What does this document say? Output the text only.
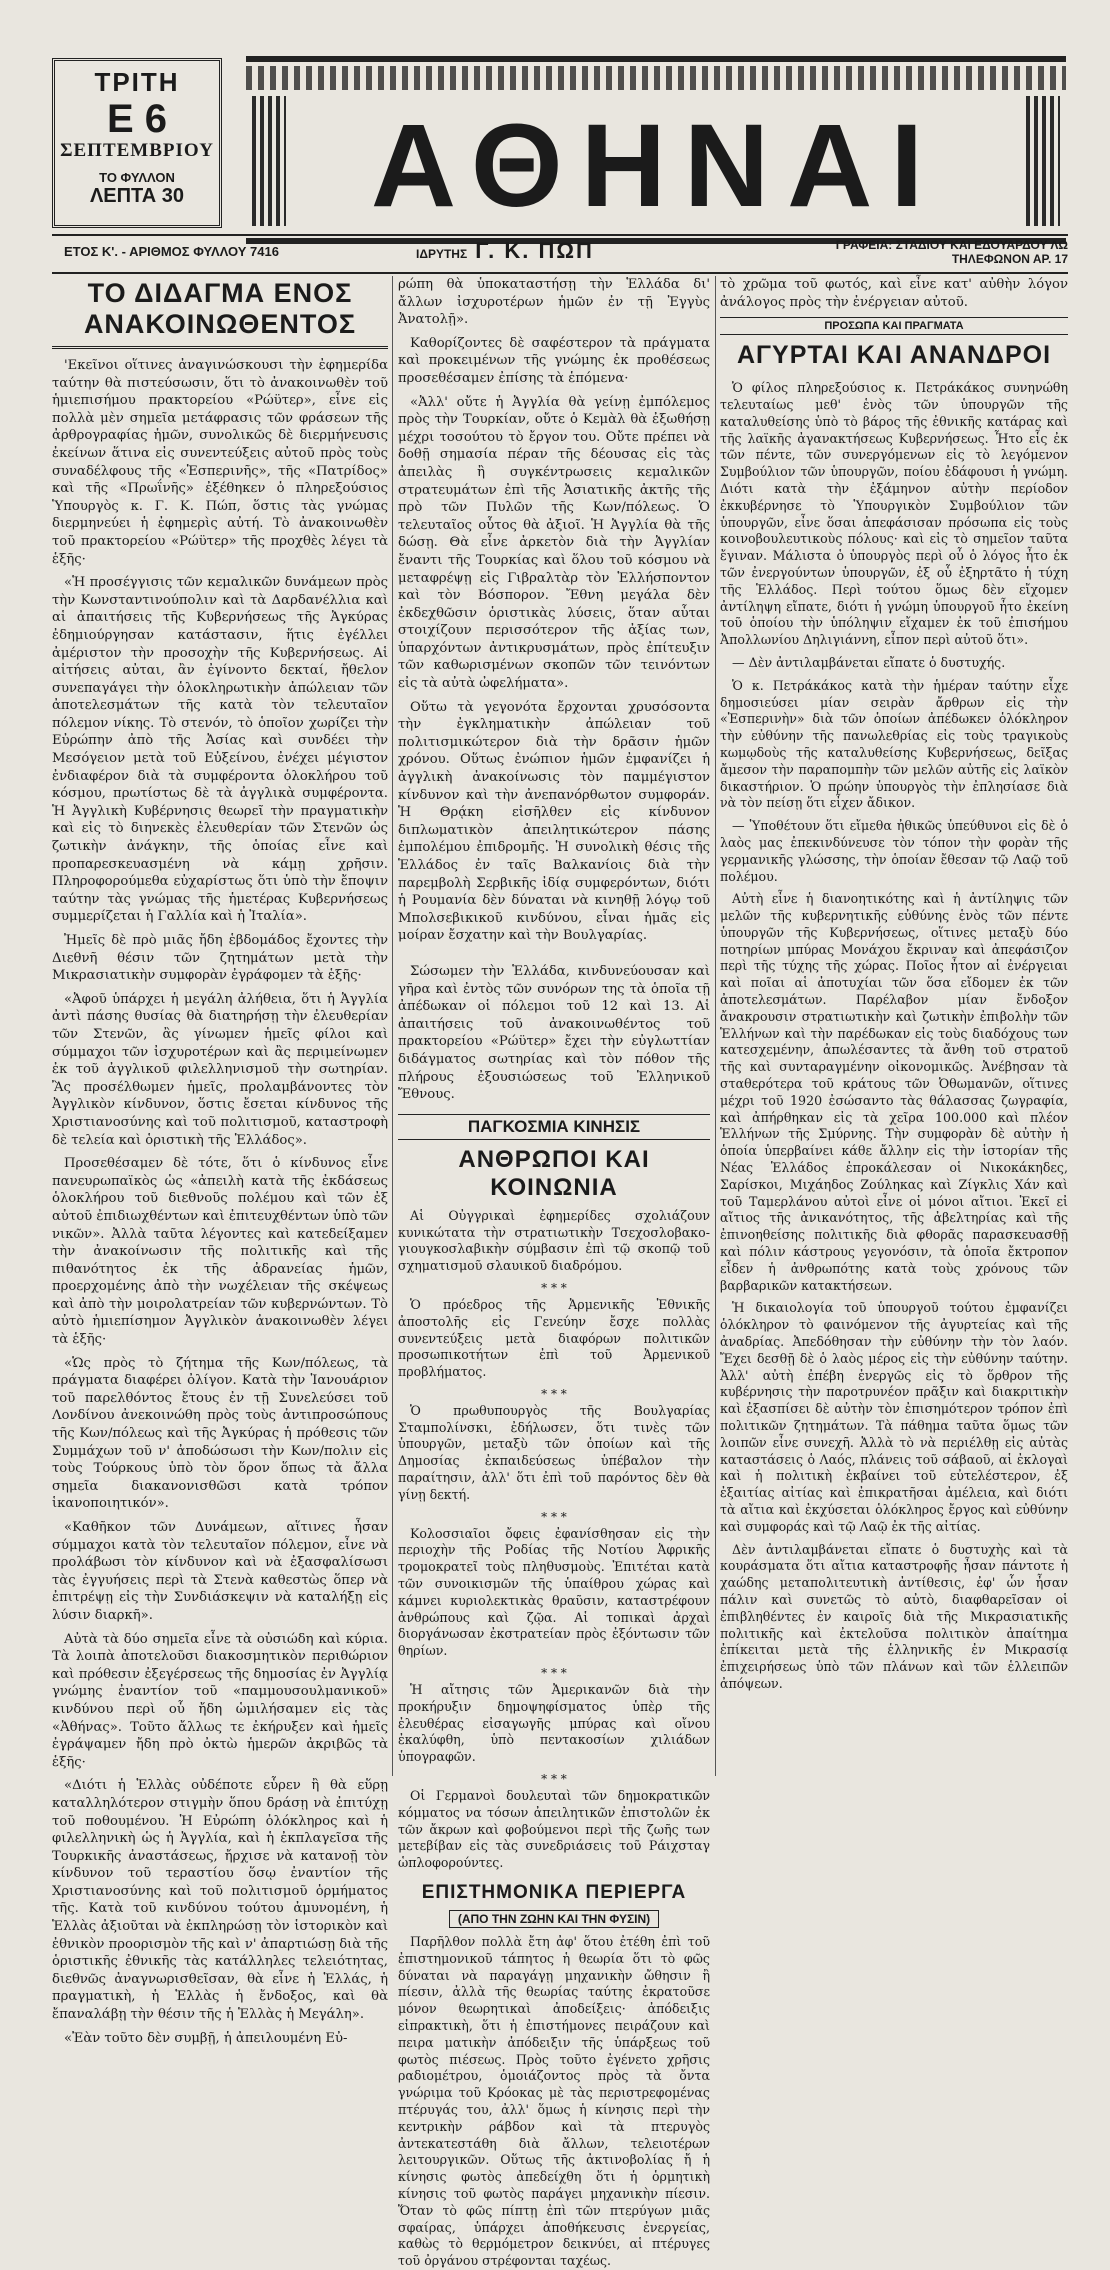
ΤΡΙΤΗ
Ε 6
ΣΕΠΤΕΜΒΡΙΟΥ
ΤΟ ΦΥΛΛΟΝ
ΛΕΠΤΑ 30	ΑΘΗΝΑΙ
ΕΤΟΣ Κ'. - ΑΡΙΘΜΟΣ ΦΥΛΛΟΥ 7416	ΙΔΡΥΤΗΣ Γ. Κ. ΠΩΠ	ΓΡΑΦΕΙΑ: ΣΤΑΔΙΟΥ ΚΑΙ ΕΔΟΥΑΡΔΟΥ ΛΩ
ΤΗΛΕΦΩΝΟΝ ΑΡ. 17
ΤΟ ΔΙΔΑΓΜΑ ΕΝΟΣ ΑΝΑΚΟΙΝΩΘΕΝΤΟΣ

'Εκεῖνοι οἵτινες ἀναγινώσκουσι τὴν ἐφημερίδα ταύτην θὰ πιστεύσωσιν, ὅτι τὸ ἀνακοινωθὲν τοῦ ἡμιεπισήμου πρακτορείου «Ρώϋτερ», εἶνε εἰς πολλὰ μὲν σημεῖα μετάφρασις τῶν φράσεων τῆς ἀρθρογραφίας ἡμῶν, συνολικῶς δὲ διερμήνευσις ἐκείνων ἅτινα εἰς συνεντεύξεις αὐτοῦ πρὸς τοὺς συναδέλφους τῆς «Ἑσπερινῆς», τῆς «Πατρίδος» καὶ τῆς «Πρωΐνῆς» ἐξέθηκεν ὁ πληρεξούσιος Ὑπουργὸς κ. Γ. Κ. Πώπ, ὅστις τὰς γνώμας διερμηνεύει ἡ ἐφημερὶς αὐτή. Τὸ ἀνακοινωθὲν τοῦ πρακτορείου «Ρώϋτερ» τῆς προχθὲς λέγει τὰ ἑξῆς·

«Ἡ προσέγγισις τῶν κεμαλικῶν δυνάμεων πρὸς τὴν Κωνσταντινούπολιν καὶ τὰ Δαρδανέλλια καὶ αἱ ἀπαιτήσεις τῆς Κυβερνήσεως τῆς Ἀγκύρας ἐδημιούργησαν κατάστασιν, ἥτις ἐγέλλει ἀμέριστον τὴν προσοχὴν τῆς Κυβερνήσεως. Αἱ αἰτήσεις αὐται, ἂν ἐγίνοντο δεκταί, ἤθελον συνεπαγάγει τὴν ὁλοκληρωτικὴν ἀπώλειαν τῶν ἀποτελεσμάτων τῆς κατὰ τὸν τελευταῖον πόλεμον νίκης. Τὸ στενόν, τὸ ὁποῖον χωρίζει τὴν Εὐρώπην ἀπὸ τῆς Ἀσίας καὶ συνδέει τὴν Μεσόγειον μετὰ τοῦ Εὐξείνου, ἐνέχει μέγιστον ἐνδιαφέρον διὰ τὰ συμφέροντα ὁλοκλήρου τοῦ κόσμου, πρωτίστως δὲ τὰ ἀγγλικὰ συμφέροντα. Ἡ Ἀγγλικὴ Κυβέρνησις θεωρεῖ τὴν πραγματικὴν καὶ εἰς τὸ διηνεκὲς ἐλευθερίαν τῶν Στενῶν ὡς ζωτικὴν ἀνάγκην, τῆς ὁποίας εἶνε καὶ προπαρεσκευασμένη νὰ κάμῃ χρῆσιν. Πληροφορούμεθα εὐχαρίστως ὅτι ὑπὸ τὴν ἔποψιν ταύτην τὰς γνώμας τῆς ἡμετέρας Κυβερνήσεως συμμερίζεται ἡ Γαλλία καὶ ἡ Ἰταλία».

Ἠμεῖς δὲ πρὸ μιᾶς ἤδη ἑβδομάδος ἔχοντες τὴν Διεθνῆ θέσιν τῶν ζητημάτων μετὰ τὴν Μικρασιατικὴν συμφορὰν ἐγράφομεν τὰ ἑξῆς·

«Ἀφοῦ ὑπάρχει ἡ μεγάλη ἀλήθεια, ὅτι ἡ Ἀγγλία ἀντὶ πάσης θυσίας θὰ διατηρήσῃ τὴν ἐλευθερίαν τῶν Στενῶν, ἂς γίνωμεν ἡμεῖς φίλοι καὶ σύμμαχοι τῶν ἰσχυροτέρων καὶ ἂς περιμείνωμεν ἐκ τοῦ ἀγγλικοῦ φιλελληνισμοῦ τὴν σωτηρίαν. Ἂς προσέλθωμεν ἡμεῖς, προλαμβάνοντες τὸν Ἀγγλικὸν κίνδυνον, ὅστις ἔσεται κίνδυνος τῆς Χριστιανοσύνης καὶ τοῦ πολιτισμοῦ, καταστροφὴ δὲ τελεία καὶ ὁριστικὴ τῆς Ἑλλάδος».

Προσεθέσαμεν δὲ τότε, ὅτι ὁ κίνδυνος εἶνε πανευρωπαϊκὸς ὡς «ἀπειλὴ κατὰ τῆς ἐκδάσεως ὁλοκλήρου τοῦ διεθνοῦς πολέμου καὶ τῶν ἐξ αὐτοῦ ἐπιδιωχθέντων καὶ ἐπιτευχθέντων ὑπὸ τῶν νικῶν». Ἀλλὰ ταῦτα λέγοντες καὶ κατεδείξαμεν τὴν ἀνακοίνωσιν τῆς πολιτικῆς καὶ τῆς πιθανότητος ἐκ τῆς ἀδρανείας ἡμῶν, προερχομένης ἀπὸ τὴν νωχέλειαν τῆς σκέψεως καὶ ἀπὸ τὴν μοιρολατρείαν τῶν κυβερνώντων. Τὸ αὐτὸ ἡμιεπίσημον Ἀγγλικὸν ἀνακοινωθὲν λέγει τὰ ἑξῆς·

«Ὡς πρὸς τὸ ζήτημα τῆς Κων/πόλεως, τὰ πράγματα διαφέρει ὀλίγον. Κατὰ τὴν Ἰανουάριον τοῦ παρελθόντος ἔτους ἐν τῇ Συνελεύσει τοῦ Λονδίνου ἀνεκοινώθη πρὸς τοὺς ἀντιπροσώπους τῆς Κων/πόλεως καὶ τῆς Ἀγκύρας ἡ πρόθεσις τῶν Συμμάχων τοῦ ν' ἀποδώσωσι τὴν Κων/πολιν εἰς τοὺς Τούρκους ὑπὸ τὸν ὅρον ὅπως τὰ ἄλλα σημεῖα διακανονισθῶσι κατὰ τρόπον ἱκανοποιητικόν».

«Καθῆκον τῶν Δυνάμεων, αἵτινες ἦσαν σύμμαχοι κατὰ τὸν τελευταῖον πόλεμον, εἶνε νὰ προλάβωσι τὸν κίνδυνον καὶ νὰ ἐξασφαλίσωσι τὰς ἐγγυήσεις περὶ τὰ Στενὰ καθεστὼς ὅπερ νὰ ἐπιτρέψῃ εἰς τὴν Συνδιάσκεψιν νὰ καταλήξῃ εἰς λύσιν διαρκῆ».

Αὐτὰ τὰ δύο σημεῖα εἶνε τὰ οὐσιώδη καὶ κύρια. Τὰ λοιπὰ ἀποτελοῦσι διακοσμητικὸν περιθώριον καὶ πρόθεσιν ἐξεγέρσεως τῆς δημοσίας ἐν Ἀγγλίᾳ γνώμης ἐναντίον τοῦ «παμμουσουλμανικοῦ» κινδύνου περὶ οὗ ἤδη ὡμιλήσαμεν εἰς τὰς «Ἀθήνας». Τοῦτο ἄλλως τε ἐκήρυξεν καὶ ἡμεῖς ἐγράψαμεν ἤδη πρὸ ὀκτὼ ἡμερῶν ἀκριβῶς τὰ ἑξῆς·

«Διότι ἡ Ἑλλὰς οὐδέποτε εὗρεν ἢ θὰ εὕρῃ καταλληλότερον στιγμὴν ὅπου δράσῃ νὰ ἐπιτύχῃ τοῦ ποθουμένου. Ἡ Εὐρώπη ὁλόκληρος καὶ ἡ φιλελληνικὴ ὡς ἡ Ἀγγλία, καὶ ἡ ἐκπλαγεῖσα τῆς Τουρκικῆς ἀναστάσεως, ἤρχισε νὰ κατανοῇ τὸν κίνδυνον τοῦ τεραστίου ὅσῳ ἐναντίον τῆς Χριστιανοσύνης καὶ τοῦ πολιτισμοῦ ὁρμήματος τῆς. Κατὰ τοῦ κινδύνου τούτου ἀμυνομένη, ἡ Ἑλλὰς ἀξιοῦται νὰ ἐκπληρώσῃ τὸν ἱστορικὸν καὶ ἐθνικὸν προορισμὸν τῆς καὶ ν' ἀπαρτιώσῃ διὰ τῆς ὁριστικῆς ἐθνικῆς τὰς κατάλληλες τελειότητας, διεθνῶς ἀναγνωρισθεῖσαν, θὰ εἶνε ἡ Ἑλλάς, ἡ πραγματικὴ, ἡ Ἑλλὰς ἡ ἔνδοξος, καὶ θὰ ἔπαναλάβῃ τὴν θέσιν τῆς ἡ Ἑλλὰς ἡ Μεγάλη».

«Ἐὰν τοῦτο δὲν συμβῇ, ἡ ἀπειλουμένη Εὐ-

ρώπη θὰ ὑποκαταστήσῃ τὴν Ἑλλάδα δι' ἄλλων ἰσχυροτέρων ἡμῶν ἐν τῇ Ἐγγὺς Ἀνατολῇ».

Καθορίζοντες δὲ σαφέστερον τὰ πράγματα καὶ προκειμένων τῆς γνώμης ἐκ προθέσεως προσεθέσαμεν ἐπίσης τὰ ἑπόμενα·

«Ἀλλ' οὔτε ἡ Ἀγγλία θὰ γείνῃ ἐμπόλεμος πρὸς τὴν Τουρκίαν, οὔτε ὁ Κεμὰλ θὰ ἐξωθήσῃ μέχρι τοσούτου τὸ ἔργον του. Οὔτε πρέπει νὰ δοθῇ σημασία πέραν τῆς δέουσας εἰς τὰς ἀπειλὰς ἢ συγκέντρωσεις κεμαλικῶν στρατευμάτων ἐπὶ τῆς Ἀσιατικῆς ἀκτῆς τῆς πρὸ τῶν Πυλῶν τῆς Κων/πόλεως. Ὁ τελευταῖος οὗτος θὰ ἀξιοῖ. Ἡ Ἀγγλία θὰ τῆς δώσῃ. Θὰ εἶνε ἀρκετὸν διὰ τὴν Ἀγγλίαν ἔναντι τῆς Τουρκίας καὶ ὅλου τοῦ κόσμου νὰ μεταφρέψῃ εἰς Γιβραλτὰρ τὸν Ἑλλήσποντον καὶ τὸν Βόσπορον. Ἔθνη μεγάλα δὲν ἐκδεχθῶσιν ὁριστικὰς λύσεις, ὅταν αὗται στοιχίζουν περισσότερον τῆς ἀξίας των, ὑπαρχόντων ἀντικρυσμάτων, πρὸς ἐπίτευξιν τῶν καθωρισμένων σκοπῶν τῶν τεινόντων εἰς τὰ αὐτὰ ὠφελήματα».

Οὕτω τὰ γεγονότα ἔρχονται χρυσόσοντα τὴν ἐγκληματικὴν ἀπώλειαν τοῦ πολιτισμικώτερον διὰ τὴν δρᾶσιν ἡμῶν χρόνου. Οὕτως ἐνώπιον ἡμῶν ἐμφανίζει ἡ ἀγγλικὴ ἀνακοίνωσις τὸν παμμέγιστον κίνδυνον καὶ τὴν ἀνεπανόρθωτον συμφοράν. Ἡ Θρᾴκη εἰσῆλθεν εἰς κίνδυνον διπλωματικὸν ἀπειλητικώτερον πάσης ἐμπολέμου ἐπιδρομῆς. Ἡ συνολικὴ θέσις τῆς Ἑλλάδος ἐν ταῖς Βαλκανίοις διὰ τὴν παρεμβολὴ Σερβικῆς ἰδίᾳ συμφερόντων, διότι ἡ Ρουμανία δὲν δύναται νὰ κινηθῇ λόγῳ τοῦ Μπολσεβικικοῦ κινδύνου, εἶναι ἡμᾶς εἰς μοίραν ἔσχατην καὶ τὴν Βουλγαρίας.

Σώσωμεν τὴν Ἑλλάδα, κινδυνεύουσαν καὶ γῆρα καὶ ἐντὸς τῶν συνόρων της τὰ ὁποῖα τῇ ἀπέδωκαν οἱ πόλεμοι τοῦ 12 καὶ 13. Αἱ ἀπαιτήσεις τοῦ ἀνακοινωθέντος τοῦ πρακτορείου «Ρώϋτερ» ἔχει τὴν εὐγλωττίαν διδάγματος σωτηρίας καὶ τὸν πόθον τῆς πλήρους ἐξουσιώσεως τοῦ Ἑλληνικοῦ Ἔθνους.

ΠΑΓΚΟΣΜΙΑ ΚΙΝΗΣΙΣ
ΑΝΘΡΩΠΟΙ ΚΑΙ ΚΟΙΝΩΝΙΑ

Αἱ Οὐγγρικαὶ ἐφημερίδες σχολιάζουν κυνικώτατα τὴν στρατιωτικὴν Τσεχοσλοβακο-γιουγκοσλαβικὴν σύμβασιν ἐπὶ τῷ σκοπῷ τοῦ σχηματισμοῦ σλαυικοῦ διαδρόμου.

* * *

Ὁ πρόεδρος τῆς Ἀρμενικῆς Ἐθνικῆς ἀποστολῆς εἰς Γενεύην ἔσχε πολλὰς συνεντεύξεις μετὰ διαφόρων πολιτικῶν προσωπικοτήτων ἐπὶ τοῦ Ἀρμενικοῦ προβλήματος.

* * *

Ὁ πρωθυπουργὸς τῆς Βουλγαρίας Σταμπολίνσκι, ἐδήλωσεν, ὅτι τινὲς τῶν ὑπουργῶν, μεταξὺ τῶν ὁποίων καὶ τῆς Δημοσίας ἐκπαιδεύσεως ὑπέβαλον τὴν παραίτησιν, ἀλλ' ὅτι ἐπὶ τοῦ παρόντος δὲν θὰ γίνῃ δεκτή.

* * *

Κολοσσιαῖοι ὄφεις ἐφανίσθησαν εἰς τὴν περιοχὴν τῆς Ροδίας τῆς Νοτίου Ἀφρικῆς τρομοκρατεῖ τοὺς πληθυσμοὺς. Ἐπιτέται κατὰ τῶν συνοικισμῶν τῆς ὑπαίθρου χώρας καὶ κάμνει κυριολεκτικὰς θραῦσιν, καταστρέφουν ἀνθρώπους καὶ ζῷα. Αἱ τοπικαὶ ἀρχαὶ διοργάνωσαν ἐκστρατείαν πρὸς ἐξόντωσιν τῶν θηρίων.

* * *

Ἡ αἴτησις τῶν Ἀμερικανῶν διὰ τὴν προκήρυξιν δημοψηφίσματος ὑπὲρ τῆς ἐλευθέρας εἰσαγωγῆς μπύρας καὶ οἴνου ἐκαλύφθη, ὑπὸ πεντακοσίων χιλιάδων ὑπογραφῶν.

* * *

Οἱ Γερμανοὶ δουλευταὶ τῶν δημοκρατικῶν κόμματος να τόσων ἀπειλητικῶν ἐπιστολῶν ἐκ τῶν ἄκρων καὶ φοβούμενοι περὶ τῆς ζωῆς των μετεβίβαν εἰς τὰς συνεδριάσεις τοῦ Ράιχσταγ ὡπλοφορούντες.

ΕΠΙΣΤΗΜΟΝΙΚΑ ΠΕΡΙΕΡΓΑ
(ΑΠΟ ΤΗΝ ΖΩΗΝ ΚΑΙ ΤΗΝ ΦΥΣΙΝ)

Παρῆλθον πολλὰ ἔτη ἀφ' ὅτου ἐτέθη ἐπὶ τοῦ ἐπιστημονικοῦ τάπητος ἡ θεωρία ὅτι τὸ φῶς δύναται νὰ παραγάγῃ μηχανικὴν ὤθησιν ἢ πίεσιν, ἀλλὰ τῆς θεωρίας ταύτης ἐκρατοῦσε μόνον θεωρητικαὶ ἀποδείξεις· ἀπόδειξις εἰπρακτικὴ, ὅτι ἡ ἐπιστήμονες πειράζουν καὶ πειρα ματικὴν ἀπόδειξιν τῆς ὑπάρξεως τοῦ φωτὸς πιέσεως. Πρὸς τοῦτο ἐγένετο χρῆσις ραδιομέτρου, ὁμοιάζοντος πρὸς τὰ ὄντα γνώριμα τοῦ Κρόοκας μὲ τὰς περιστρεφομένας πτέρυγάς του, ἀλλ' ὅμως ἡ κίνησις περὶ τὴν κεντρικὴν ράβδον καὶ τὰ πτερυγὸς ἀντεκατεστάθη διὰ ἄλλων, τελειοτέρων λειτουργικῶν. Οὕτως τῆς ἀκτινοβολίας ἤ ἡ κίνησις φωτὸς ἀπεδείχθη ὅτι ἡ ὁρμητικὴ κίνησις τοῦ φωτὸς παράγει μηχανικὴν πίεσιν. Ὅταν τὸ φῶς πίπτῃ ἐπὶ τῶν πτερύγων μιᾶς σφαίρας, ὑπάρχει ἀποθήκευσις ἐνεργείας, καθὼς τὸ θερμόμετρον δεικνύει, αἱ πτέρυγες τοῦ ὀργάνου στρέφονται ταχέως.

τὸ χρῶμα τοῦ φωτός, καὶ εἶνε κατ' αὐθὴν λόγον ἀνάλογος πρὸς τὴν ἐνέργειαν αὐτοῦ.

ΠΡΟΣΩΠΑ ΚΑΙ ΠΡΑΓΜΑΤΑ
ΑΓΥΡΤΑΙ ΚΑΙ ΑΝΑΝΔΡΟΙ

Ὁ φίλος πληρεξούσιος κ. Πετράκάκος συνηνώθη τελευταίως μεθ' ἑνὸς τῶν ὑπουργῶν τῆς καταλυθείσης ὑπὸ τὸ βάρος τῆς ἐθνικῆς κατάρας καὶ τῆς λαϊκῆς ἀγανακτήσεως Κυβερνήσεως. Ἦτο εἷς ἐκ τῶν πέντε, τῶν συνεργόμενων εἰς τὸ λεγόμενον Συμβούλιον τῶν ὑπουργῶν, ποίου ἐδάφουσι ἡ γνώμη. Διότι κατὰ τὴν ἐξάμηνον αὐτὴν περίοδον ἐκκυβέρνησε τὸ Ὑπουργικὸν Συμβούλιον τῶν ὑπουργῶν, εἶνε ὅσαι ἀπεφάσισαν πρόσωπα εἰς τοὺς κοινοβουλευτικοὺς πόλους· καὶ εἰς τὸ σημεῖον ταῦτα ἔγιναν. Μάλιστα ὁ ὑπουργὸς περὶ οὗ ὁ λόγος ἦτο ἐκ τῶν ἐνεργούντων ὑπουργῶν, ἐξ οὗ ἐξηρτᾶτο ἡ τύχη τῆς Ἑλλάδος. Περὶ τούτου ὅμως δὲν εἴχομεν ἀντίληψη εἴπατε, διότι ἡ γνώμη ὑπουργοῦ ἦτο ἐκείνη τοῦ ὁποίου τὴν ὑπόληψιν εἴχαμεν ἐκ τοῦ ἐπισήμου Ἀπολλωνίου Δηλιγιάννη, εἶπον περὶ αὐτοῦ ὅτι».

— Δὲν ἀντιλαμβάνεται εἴπατε ὁ δυστυχής.

Ὁ κ. Πετράκάκος κατὰ τὴν ἡμέραν ταύτην εἶχε δημοσιεύσει μίαν σειρὰν ἄρθρων εἰς τὴν «Ἑσπερινὴν» διὰ τῶν ὁποίων ἀπέδωκεν ὁλόκληρον τὴν εὐθύνην τῆς πανωλεθρίας εἰς τοὺς τραγικοὺς κωμῳδοὺς τῆς καταλυθείσης Κυβερνήσεως, δεῖξας ἄμεσον τὴν παραπομπὴν τῶν μελῶν αὐτῆς εἰς λαϊκὸν δικαστήριον. Ὁ πρώην ὑπουργὸς τὴν ἐπλησίασε διὰ νὰ τὸν πείσῃ ὅτι εἶχεν ἄδικον.

— Ὑποθέτουν ὅτι εἴμεθα ἠθικῶς ὑπεύθυνοι εἰς δὲ ὁ λαὸς μας ἐπεκινδύνευσε τὸν τόπον τὴν φορὰν τῆς γερμανικῆς γλώσσης, τὴν ὁποίαν ἔθεσαν τῷ Λαῷ τοῦ πολέμου.

Αὐτὴ εἶνε ἡ διανοητικότης καὶ ἡ ἀντίληψις τῶν μελῶν τῆς κυβερνητικῆς εὐθύνης ἑνὸς τῶν πέντε ὑπουργῶν τῆς Κυβερνήσεως, οἵτινες μεταξὺ δύο ποτηρίων μπύρας Μονάχου ἔκριναν καὶ ἀπεφάσιζον περὶ τῆς τύχης τῆς χώρας. Ποῖος ἦτον αἱ ἐνέργειαι καὶ ποῖαι αἱ ἀποτυχίαι τῶν ὅσα εἴδομεν ἐκ τῶν ἀποτελεσμάτων. Παρέλαβον μίαν ἔνδοξον ἄνακρουσιν στρατιωτικὴν καὶ ζωτικὴν ἐπιβολὴν τῶν Ἑλλήνων καὶ τὴν παρέδωκαν εἰς τοὺς διαδόχους των κατεσχεμένην, ἀπωλέσαντες τὰ ἄνθη τοῦ στρατοῦ τῆς καὶ συνταραγμένην οἰκονομικῶς. Ἀνέβησαν τὰ σταθερότερα τοῦ κράτους τῶν Ὀθωμανῶν, οἵτινες μέχρι τοῦ 1920 ἐσώσαντο τὰς θάλασσας ζωγραφία, καὶ ἀπήρθηκαν εἰς τὰ χεῖρα 100.000 καὶ πλέον Ἑλλήνων τῆς Σμύρνης. Τὴν συμφορὰν δὲ αὐτὴν ἡ ὁποία ὑπερβαίνει κάθε ἄλλην εἰς τὴν ἱστορίαν τῆς Νέας Ἑλλάδος ἐπροκάλεσαν οἱ Νικοκάκηδες, Σαρίσκοι, Μιχάηδος Ζούληκας καὶ Ζίγκλις Χάν καὶ τοῦ Ταμερλάνου αὐτοὶ εἶνε οἱ μόνοι αἴτιοι. Ἐκεῖ εἰ αἴτιος τῆς ἀνικανότητος, τῆς ἀβελτηρίας καὶ τῆς ἐπινοηθείσης πολιτικῆς διὰ φθορᾶς παρασκευασθῇ καὶ πόλιν κάστρους γεγονόσιν, τὰ ὁποῖα ἔκτροπον εἶδεν ἡ ἀνθρωπότης κατὰ τοὺς χρόνους τῶν βαρβαρικῶν κατακτήσεων.

Ἡ δικαιολογία τοῦ ὑπουργοῦ τούτου ἐμφανίζει ὁλόκληρον τὸ φαινόμενον τῆς ἀγυρτείας καὶ τῆς ἀναδρίας. Ἀπεδόθησαν τὴν εὐθύνην τὴν τὸν λαόν. Ἔχει δεσθῇ δὲ ὁ λαὸς μέρος εἰς τὴν εὐθύνην ταύτην. Ἀλλ' αὐτὴ ἐπέβη ἐνεργῶς εἰς τὸ ὅρθρον τῆς κυβέρνησις τὴν παροτρυνέον πρᾶξιν καὶ διακριτικὴν καὶ ἐξασπίσει δὲ αὐτὴν τὸν ἐπισημότερον τρόπον ἐπὶ πολιτικῶν ζητημάτων. Τὰ πάθημα ταῦτα ὅμως τῶν λοιπῶν εἶνε συνεχῆ. Ἀλλὰ τὸ νὰ περιέλθῃ εἰς αὐτὰς καταστάσεις ὁ Λαός, πλάνεις τοῦ σάβαοῦ, αἱ ἐκλογαὶ καὶ ἡ πολιτικὴ ἐκβαίνει τοῦ εὐτελέστερον, ἐξ ἐξαιτίας αἰτίας καὶ ἐπικρατῆσαι ἀμέλεια, καὶ διότι τὰ αἴτια καὶ ἐκχύσεται ὁλόκληρος ἔργος καὶ εὐθύνην καὶ συμφοράς καὶ τῷ Λαῷ ἐκ τῆς αἰτίας.

Δὲν ἀντιλαμβάνεται εἴπατε ὁ δυστυχὴς καὶ τὰ κουράσματα ὅτι αἴτια καταστροφῆς ἦσαν πάντοτε ἡ χαώδης μεταπολιτευτικὴ ἀντίθεσις, ἐφ' ὧν ἦσαν πάλιν καὶ συνετῶς τὸ αὐτὸ, διαφθαρεῖσαν οἱ ἐπιβληθέντες ἐν καιροῖς διὰ τῆς Μικρασιατικῆς πολιτικῆς καὶ ἐκτελοῦσα πολιτικὸν ἀπαίτημα ἐπίκειται μετὰ τῆς ἑλληνικῆς ἐν Μικρασίᾳ ἐπιχειρήσεως ὑπὸ τῶν πλάνων καὶ τῶν ἑλλειπῶν ἀπόψεων.
